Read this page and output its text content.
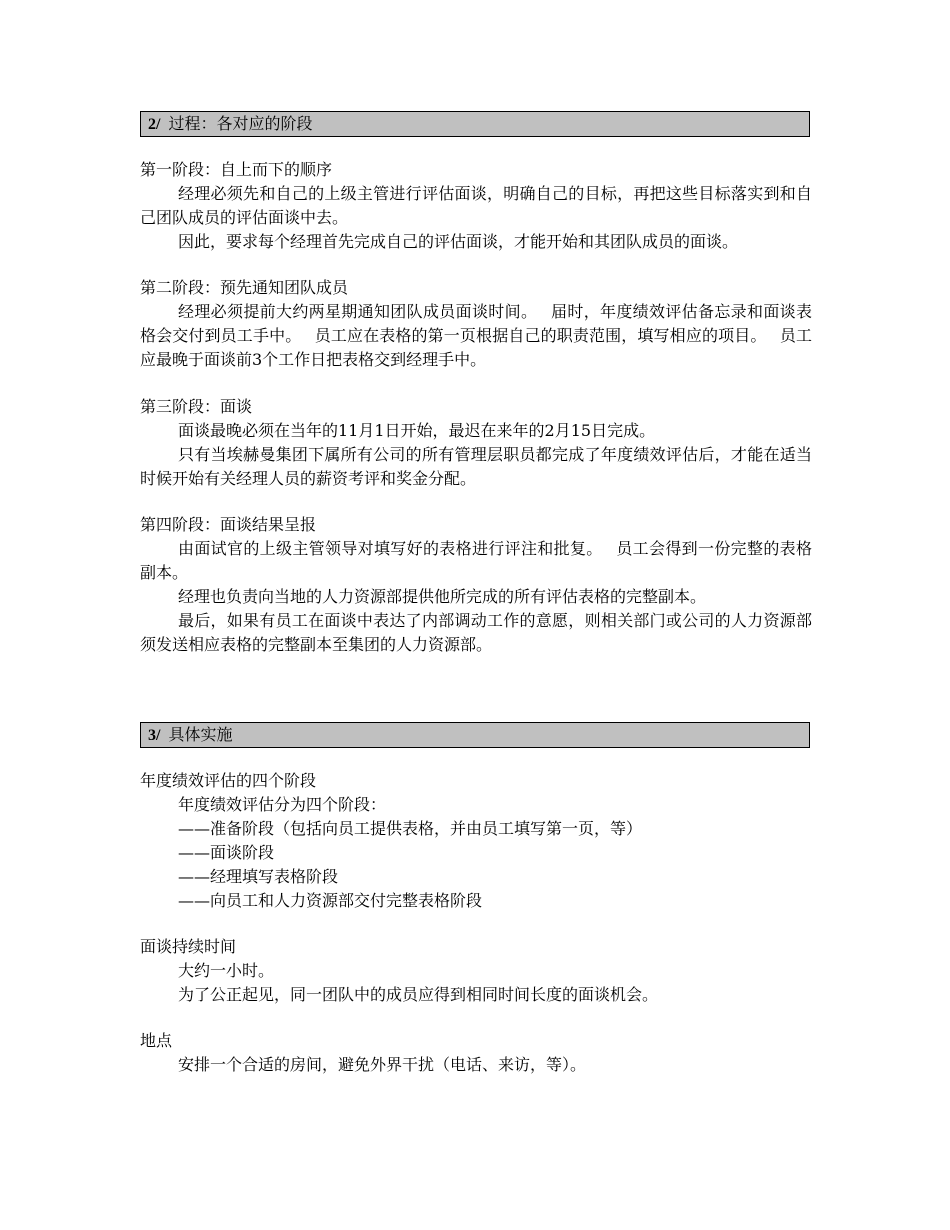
2/ 过程：各对应的阶段
第一阶段：自上而下的顺序

经理必须先和自己的上级主管进行评估面谈，明确自己的目标，再把这些目标落实到和自己团队成员的评估面谈中去。

因此，要求每个经理首先完成自己的评估面谈，才能开始和其团队成员的面谈。

第二阶段：预先通知团队成员

经理必须提前大约两星期通知团队成员面谈时间。　 届时，年度绩效评估备忘录和面谈表格会交付到员工手中。　 员工应在表格的第一页根据自己的职责范围，填写相应的项目。　 员工应最晚于面谈前3个工作日把表格交到经理手中。

第三阶段：面谈

面谈最晚必须在当年的11月1日开始，最迟在来年的2月15日完成。

只有当埃赫曼集团下属所有公司的所有管理层职员都完成了年度绩效评估后，才能在适当时候开始有关经理人员的薪资考评和奖金分配。

第四阶段：面谈结果呈报

由面试官的上级主管领导对填写好的表格进行评注和批复。　 员工会得到一份完整的表格副本。

经理也负责向当地的人力资源部提供他所完成的所有评估表格的完整副本。

最后，如果有员工在面谈中表达了内部调动工作的意愿，则相关部门或公司的人力资源部须发送相应表格的完整副本至集团的人力资源部。

3/ 具体实施
年度绩效评估的四个阶段
年度绩效评估分为四个阶段：
——准备阶段（包括向员工提供表格，并由员工填写第一页，等）
——面谈阶段
——经理填写表格阶段
——向员工和人力资源部交付完整表格阶段
面谈持续时间
大约一小时。
为了公正起见，同一团队中的成员应得到相同时间长度的面谈机会。
地点
安排一个合适的房间，避免外界干扰（电话、来访，等）。
